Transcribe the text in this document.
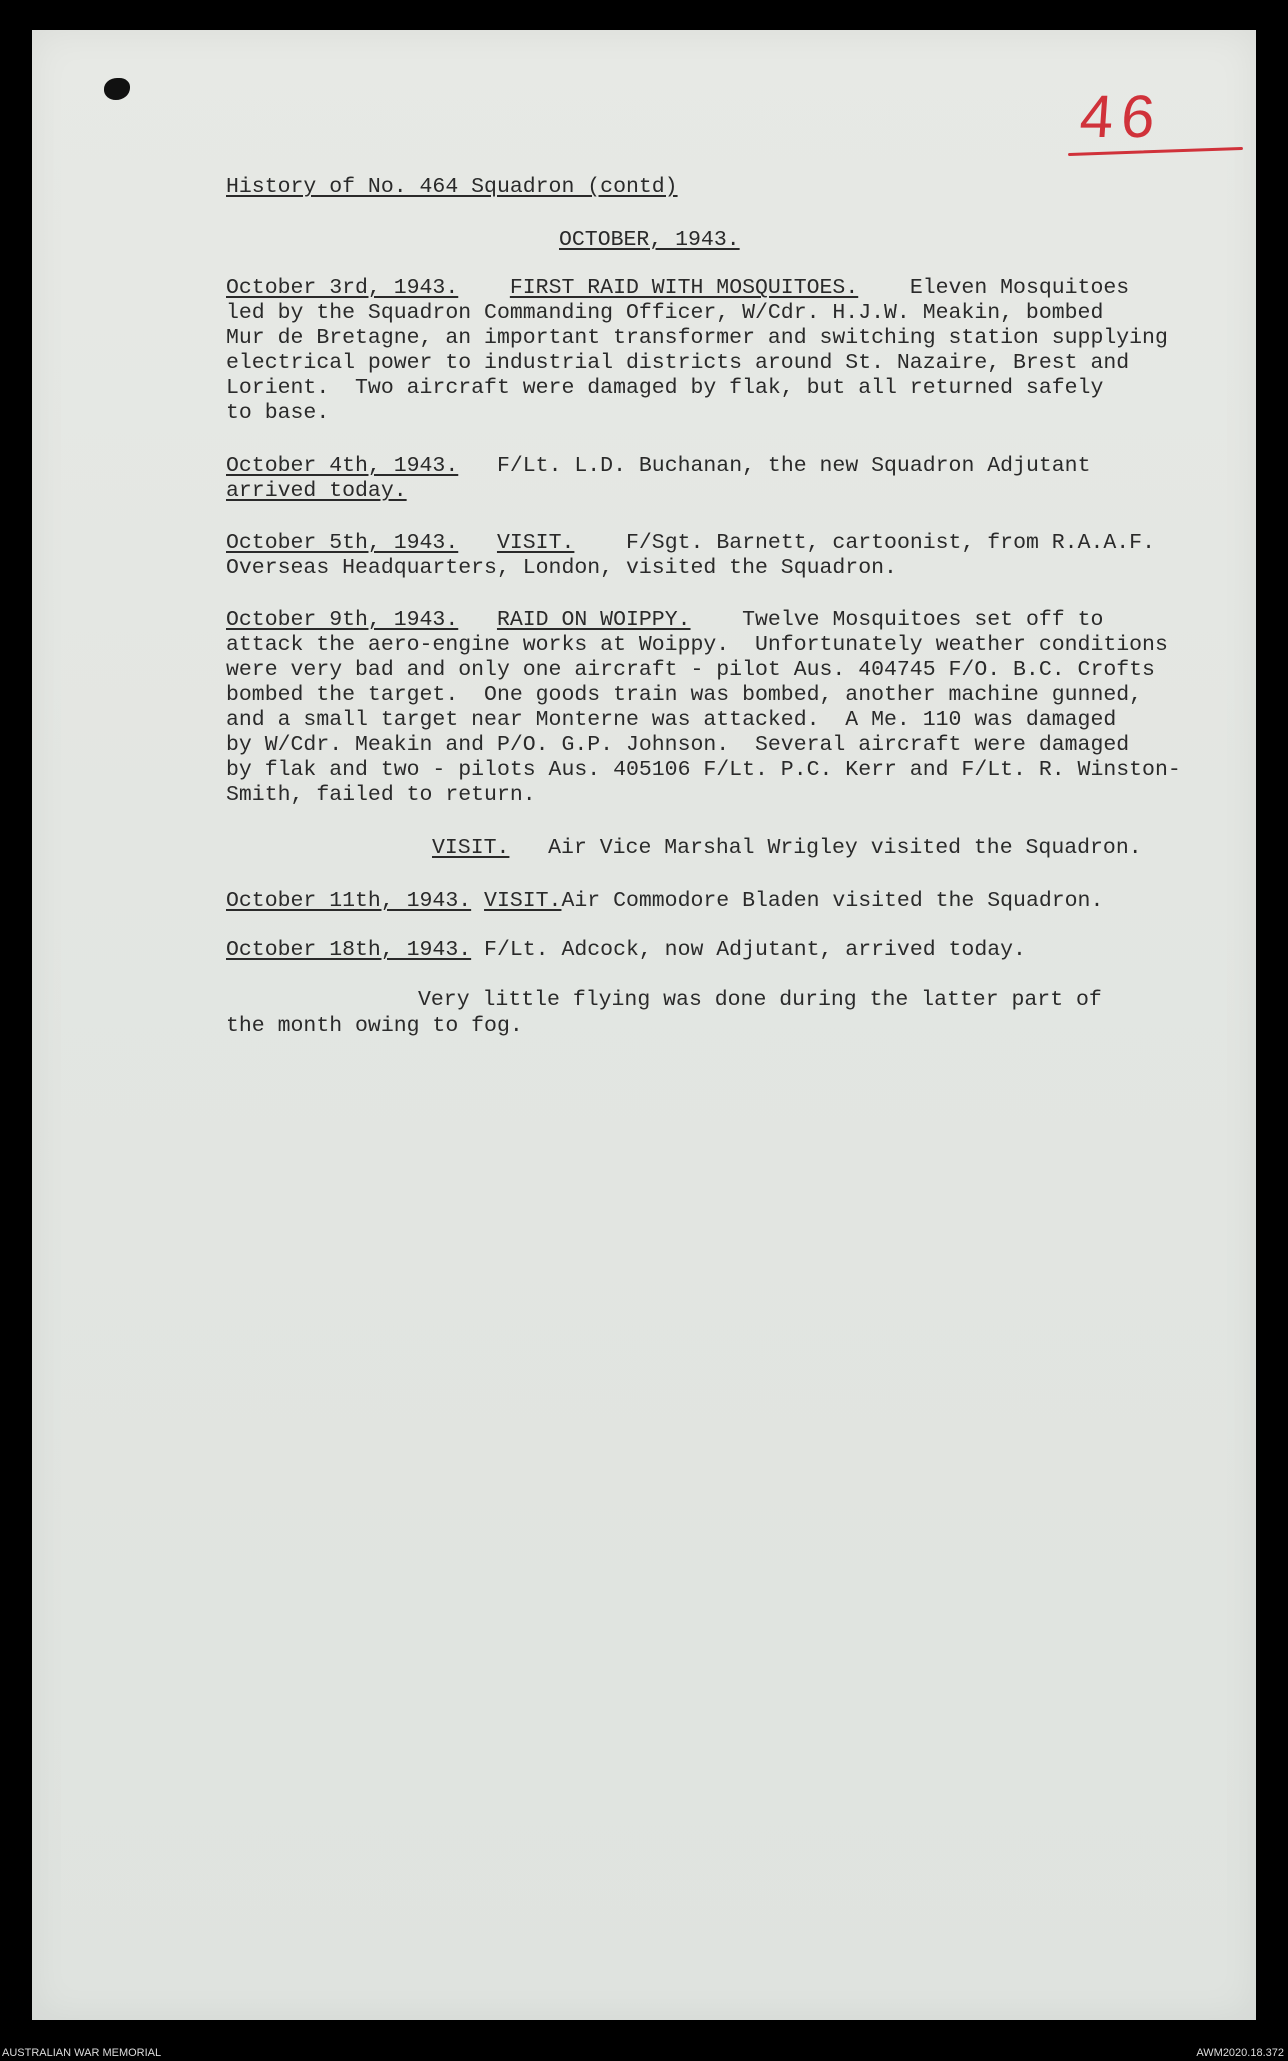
46
History of No. 464 Squadron (contd)
OCTOBER, 1943.
October 3rd, 1943. FIRST RAID WITH MOSQUITOES. Eleven Mosquitoes
led by the Squadron Commanding Officer, W/Cdr. H.J.W. Meakin, bombed
Mur de Bretagne, an important transformer and switching station supplying
electrical power to industrial districts around St. Nazaire, Brest and
Lorient.  Two aircraft were damaged by flak, but all returned safely
to base.
October 4th, 1943. F/Lt. L.D. Buchanan, the new Squadron Adjutant
arrived today.
October 5th, 1943. VISIT. F/Sgt. Barnett, cartoonist, from R.A.A.F.
Overseas Headquarters, London, visited the Squadron.
October 9th, 1943. RAID ON WOIPPY. Twelve Mosquitoes set off to
attack the aero-engine works at Woippy.  Unfortunately weather conditions
were very bad and only one aircraft - pilot Aus. 404745 F/O. B.C. Crofts
bombed the target.  One goods train was bombed, another machine gunned,
and a small target near Monterne was attacked.  A Me. 110 was damaged
by W/Cdr. Meakin and P/O. G.P. Johnson.  Several aircraft were damaged
by flak and two - pilots Aus. 405106 F/Lt. P.C. Kerr and F/Lt. R. Winston-
Smith, failed to return.
VISIT. Air Vice Marshal Wrigley visited the Squadron.
October 11th, 1943. VISIT.Air Commodore Bladen visited the Squadron.
October 18th, 1943. F/Lt. Adcock, now Adjutant, arrived today.
Very little flying was done during the latter part of
the month owing to fog.
AUSTRALIAN WAR MEMORIAL	AWM2020.18.372
